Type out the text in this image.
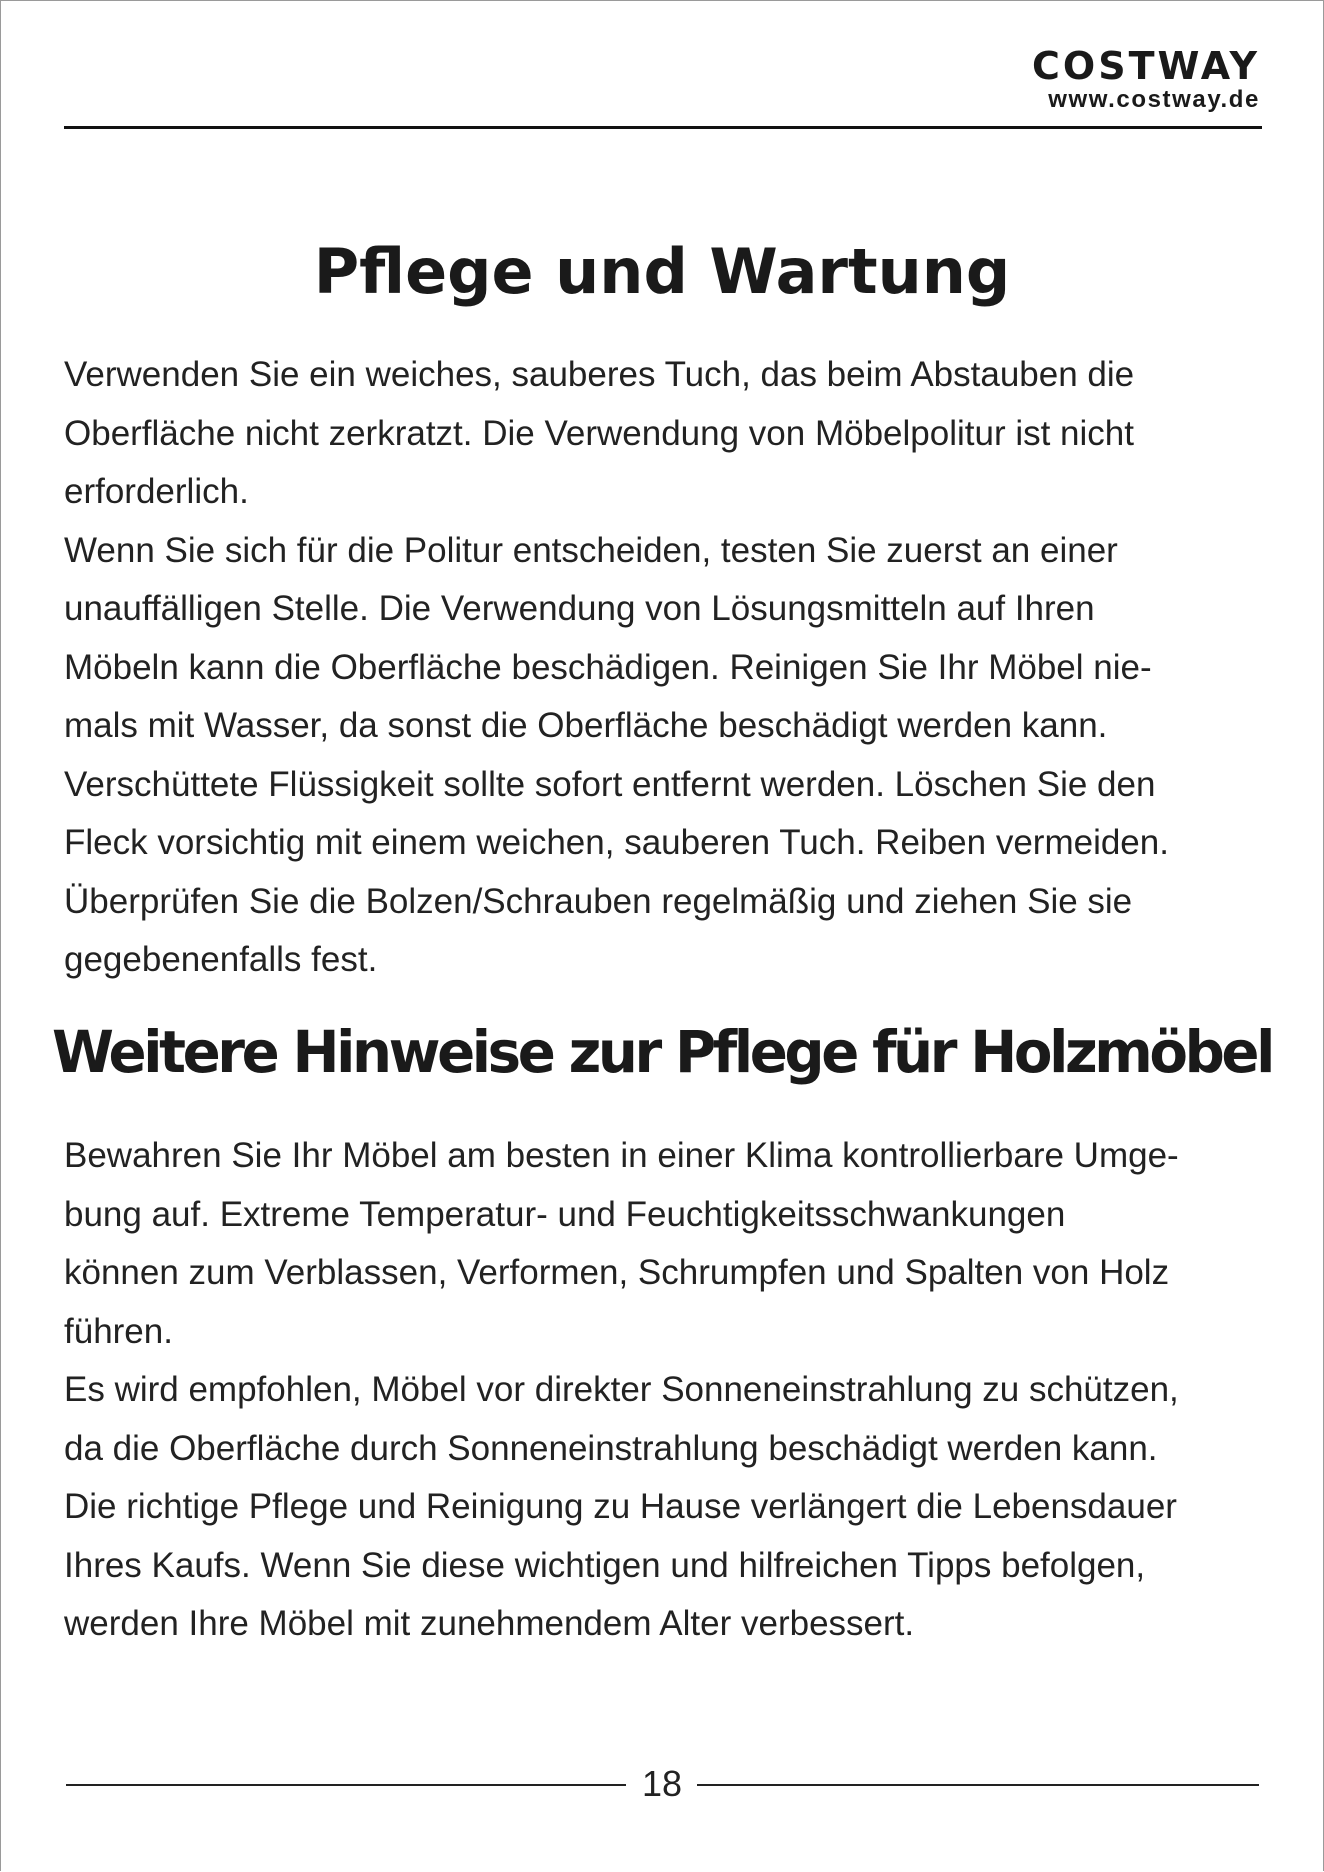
COSTWAY
www.costway.de
Pflege und Wartung
Verwenden Sie ein weiches, sauberes Tuch, das beim Abstauben die
Oberfläche nicht zerkratzt. Die Verwendung von Möbelpolitur ist nicht
erforderlich.
Wenn Sie sich für die Politur entscheiden, testen Sie zuerst an einer
unauffälligen Stelle. Die Verwendung von Lösungsmitteln auf Ihren
Möbeln kann die Oberfläche beschädigen. Reinigen Sie Ihr Möbel nie-
mals mit Wasser, da sonst die Oberfläche beschädigt werden kann.
Verschüttete Flüssigkeit sollte sofort entfernt werden. Löschen Sie den
Fleck vorsichtig mit einem weichen, sauberen Tuch. Reiben vermeiden.
Überprüfen Sie die Bolzen/Schrauben regelmäßig und ziehen Sie sie
gegebenenfalls fest.
Weitere Hinweise zur Pflege für Holzmöbel
Bewahren Sie Ihr Möbel am besten in einer Klima kontrollierbare Umge-
bung auf. Extreme Temperatur- und Feuchtigkeitsschwankungen
können zum Verblassen, Verformen, Schrumpfen und Spalten von Holz
führen.
Es wird empfohlen, Möbel vor direkter Sonneneinstrahlung zu schützen,
da die Oberfläche durch Sonneneinstrahlung beschädigt werden kann.
Die richtige Pflege und Reinigung zu Hause verlängert die Lebensdauer
Ihres Kaufs. Wenn Sie diese wichtigen und hilfreichen Tipps befolgen,
werden Ihre Möbel mit zunehmendem Alter verbessert.
18
